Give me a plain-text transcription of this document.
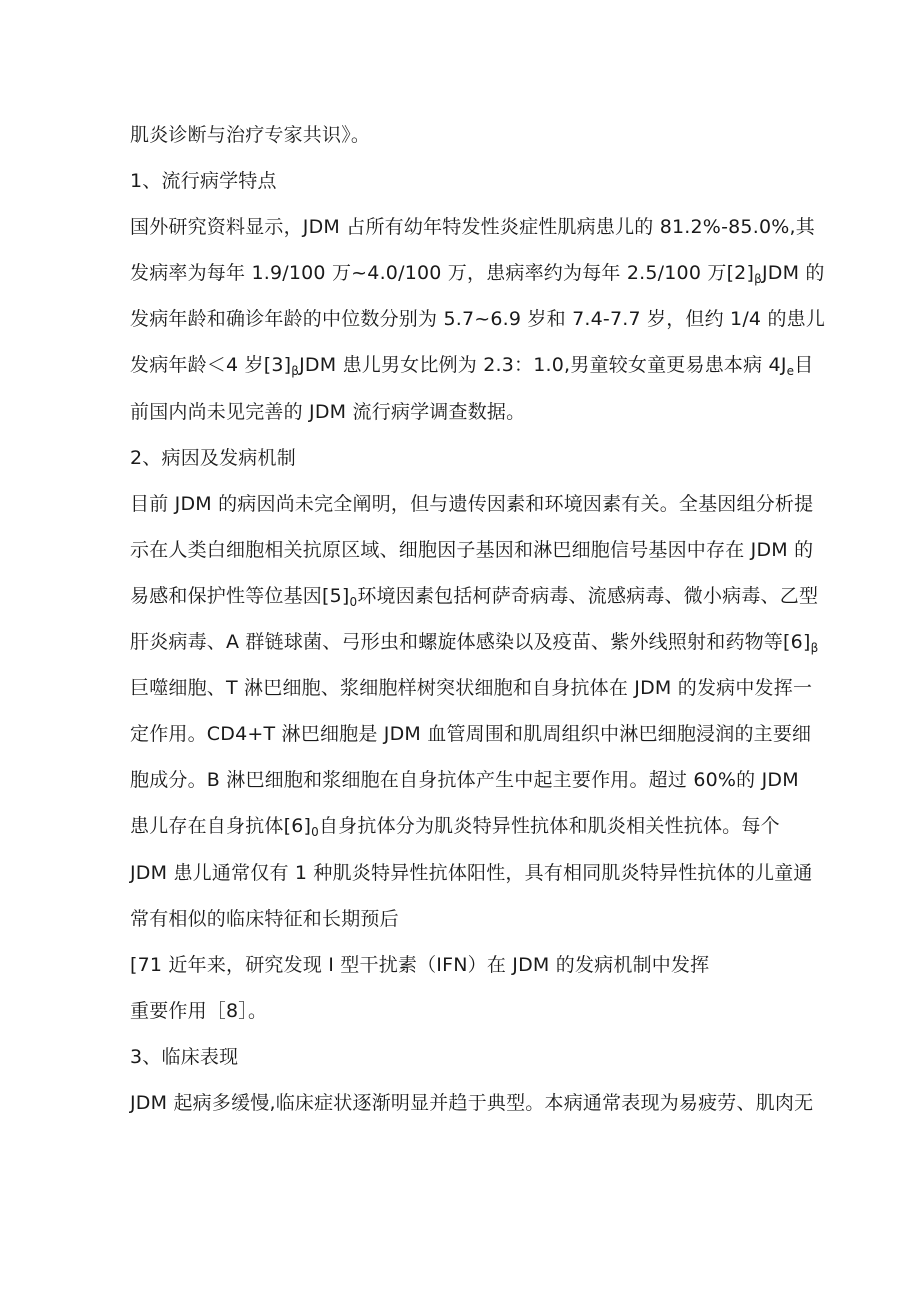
肌炎诊断与治疗专家共识》。
1、流行病学特点
国外研究资料显示，JDM 占所有幼年特发性炎症性肌病患儿的 81.2%-85.0%,其
发病率为每年 1.9/100 万~4.0/100 万，患病率约为每年 2.5/100 万$[2]_\beta JDM$ 的
发病年龄和确诊年龄的中位数分别为 5.7~6.9 岁和 7.4-7.7 岁，但约 1/4 的患儿
发病年龄＜4 岁$[3]_\beta JDM$ 患儿男女比例为 2.3：1.0,男童较女童更易患本病 $4J_e$目
前国内尚未见完善的 JDM 流行病学调查数据。
2、病因及发病机制
目前 JDM 的病因尚未完全阐明，但与遗传因素和环境因素有关。全基因组分析提
示在人类白细胞相关抗原区域、细胞因子基因和淋巴细胞信号基因中存在 JDM 的
易感和保护性等位基因$[5]_0$环境因素包括柯萨奇病毒、流感病毒、微小病毒、乙型
肝炎病毒、A 群链球菌、弓形虫和螺旋体感染以及疫苗、紫外线照射和药物等$[6]_\beta$
巨噬细胞、T 淋巴细胞、浆细胞样树突状细胞和自身抗体在 JDM 的发病中发挥一
定作用。CD4+T 淋巴细胞是 JDM 血管周围和肌周组织中淋巴细胞浸润的主要细
胞成分。B 淋巴细胞和浆细胞在自身抗体产生中起主要作用。超过 60%的 JDM
患儿存在自身抗体$[6]_0$自身抗体分为肌炎特异性抗体和肌炎相关性抗体。每个
JDM 患儿通常仅有 1 种肌炎特异性抗体阳性，具有相同肌炎特异性抗体的儿童通
常有相似的临床特征和长期预后
[71 近年来，研究发现 I 型干扰素（IFN）在 JDM 的发病机制中发挥
重要作用［8］。
3、临床表现
JDM 起病多缓慢,临床症状逐渐明显并趋于典型。本病通常表现为易疲劳、肌肉无
